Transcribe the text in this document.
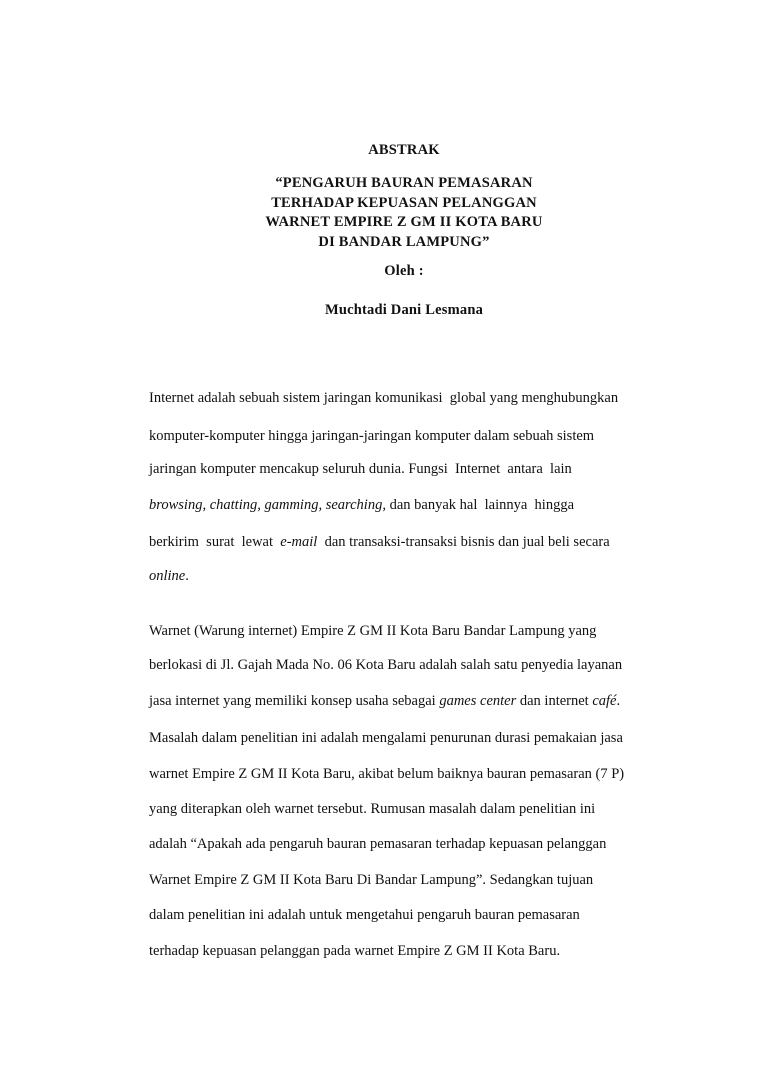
ABSTRAK
“PENGARUH BAURAN PEMASARAN
TERHADAP KEPUASAN PELANGGAN
WARNET EMPIRE Z GM II KOTA BARU
DI BANDAR LAMPUNG”
Oleh :
Muchtadi Dani Lesmana
Internet adalah sebuah sistem jaringan komunikasi  global yang menghubungkan
komputer-komputer hingga jaringan-jaringan komputer dalam sebuah sistem
jaringan komputer mencakup seluruh dunia. Fungsi  Internet  antara  lain
browsing, chatting, gamming, searching, dan banyak hal  lainnya  hingga
berkirim  surat  lewat  e-mail  dan transaksi-transaksi bisnis dan jual beli secara
online.
Warnet (Warung internet) Empire Z GM II Kota Baru Bandar Lampung yang
berlokasi di Jl. Gajah Mada No. 06 Kota Baru adalah salah satu penyedia layanan
jasa internet yang memiliki konsep usaha sebagai games center dan internet café.
Masalah dalam penelitian ini adalah mengalami penurunan durasi pemakaian jasa
warnet Empire Z GM II Kota Baru, akibat belum baiknya bauran pemasaran (7 P)
yang diterapkan oleh warnet tersebut. Rumusan masalah dalam penelitian ini
adalah “Apakah ada pengaruh bauran pemasaran terhadap kepuasan pelanggan
Warnet Empire Z GM II Kota Baru Di Bandar Lampung”. Sedangkan tujuan
dalam penelitian ini adalah untuk mengetahui pengaruh bauran pemasaran
terhadap kepuasan pelanggan pada warnet Empire Z GM II Kota Baru.
